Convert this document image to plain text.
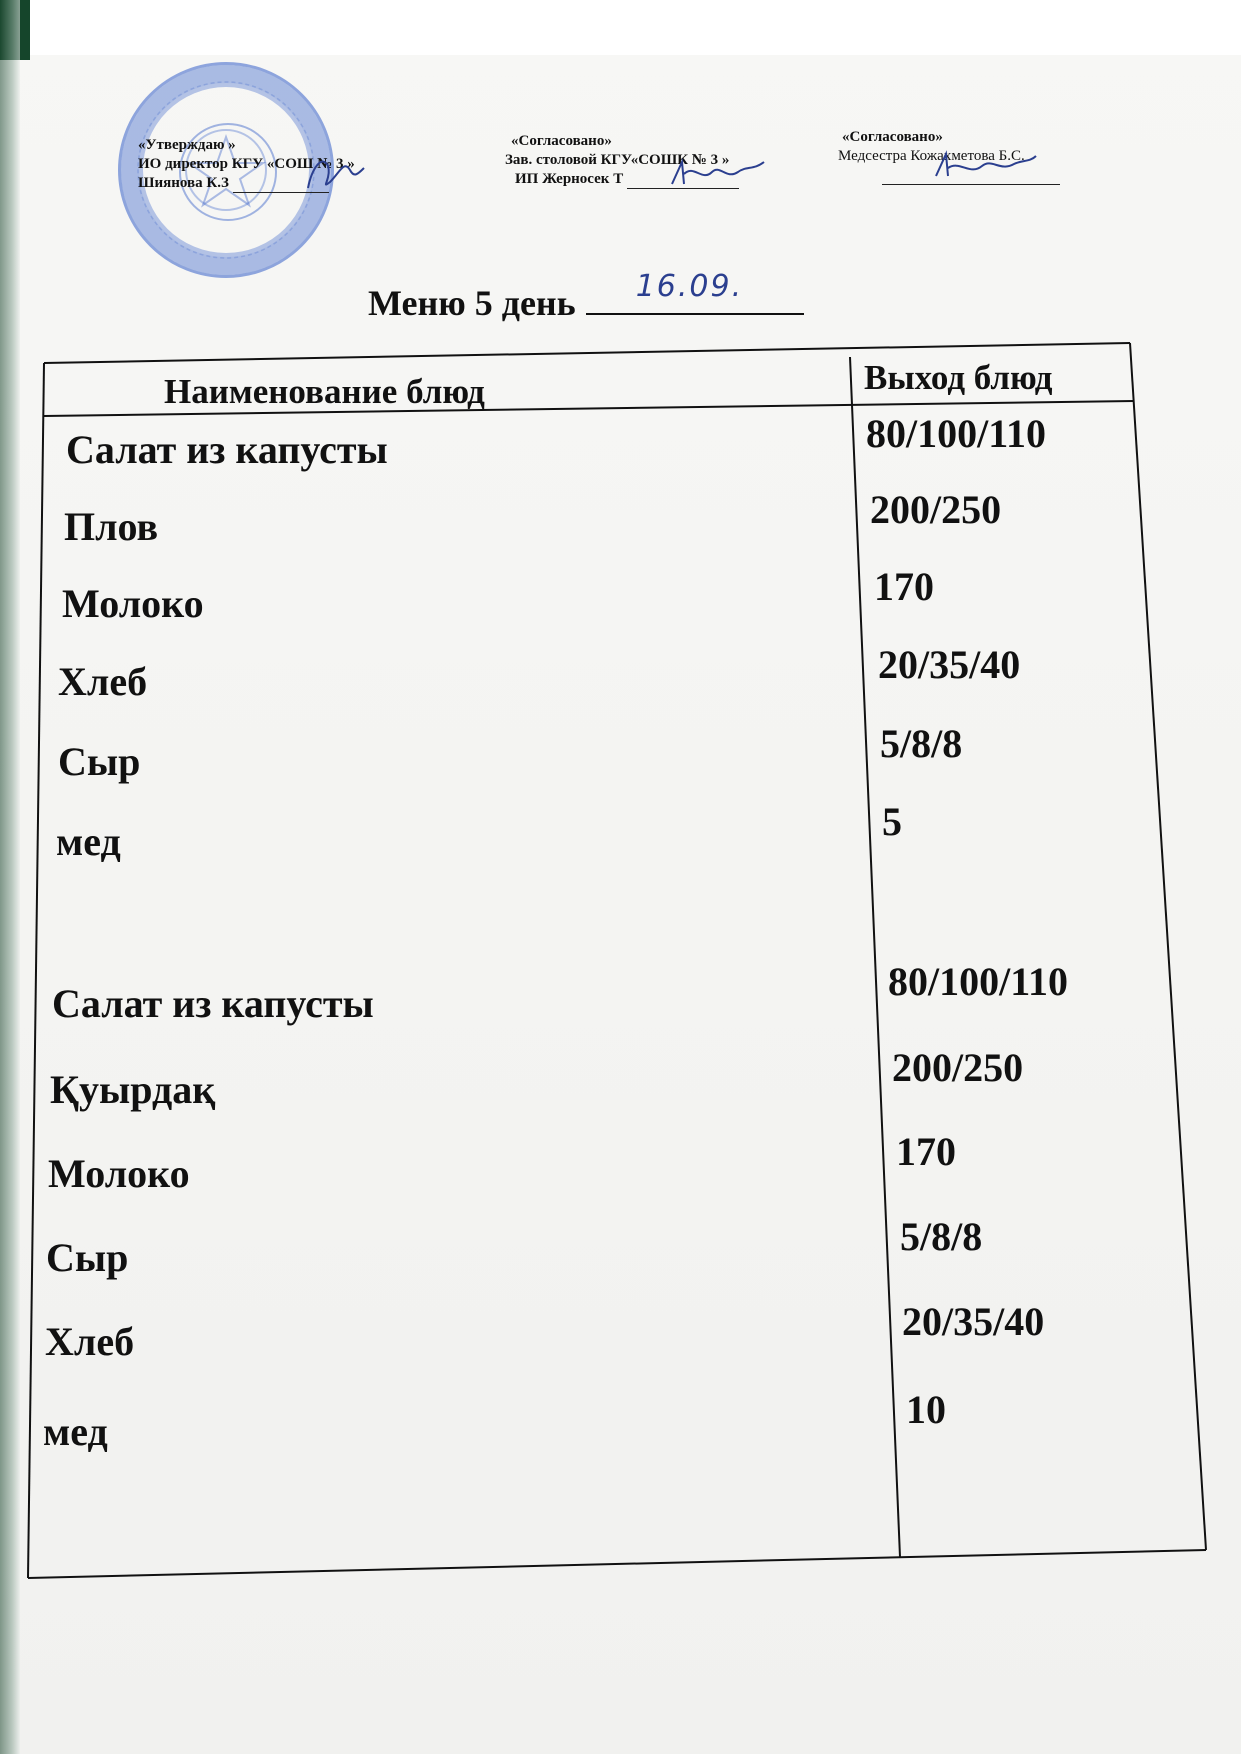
«Утверждаю »
ИО директор КГУ «СОШ № 3 »
Шиянова К.З
«Согласовано»
Зав. столовой КГУ«СОШК № 3 »
ИП Жерносек Т
«Согласовано»
Медсестра Кожахметова Б.С.
Меню 5 день 16.09.
Наименование блюд	Выход блюд
Салат из капусты
Плов
Молоко
Хлеб
Сыр
мед
Салат из капусты
Қуырдақ
Молоко
Сыр
Хлеб
мед
80/100/110
200/250
170
20/35/40
5/8/8
5
80/100/110
200/250
170
5/8/8
20/35/40
10
